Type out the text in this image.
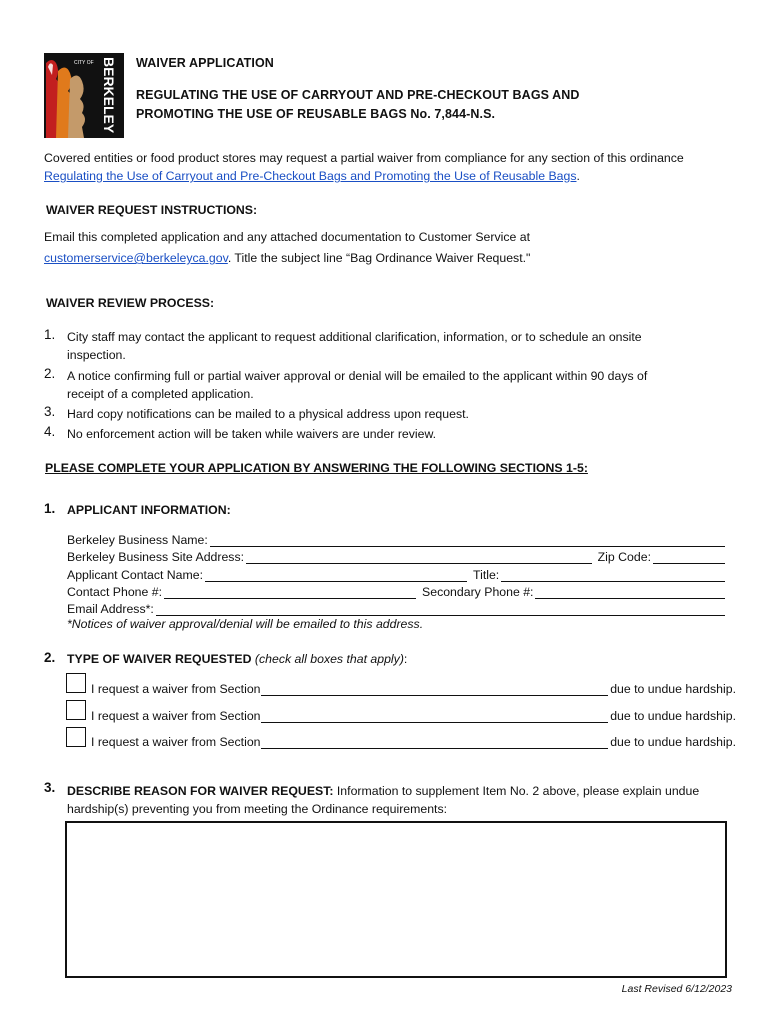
CITY OF BERKELEY WAIVER APPLICATION
REGULATING THE USE OF CARRYOUT AND PRE-CHECKOUT BAGS AND
PROMOTING THE USE OF REUSABLE BAGS No. 7,844-N.S.
Covered entities or food product stores may request a partial waiver from compliance for any section of this ordinance
Regulating the Use of Carryout and Pre-Checkout Bags and Promoting the Use of Reusable Bags.
WAIVER REQUEST INSTRUCTIONS:
Email this completed application and any attached documentation to Customer Service at
customerservice@berkeleyca.gov. Title the subject line “Bag Ordinance Waiver Request."
WAIVER REVIEW PROCESS:
1. City staff may contact the applicant to request additional clarification, information, or to schedule an onsite
inspection.
2. A notice confirming full or partial waiver approval or denial will be emailed to the applicant within 90 days of
receipt of a completed application.
3. Hard copy notifications can be mailed to a physical address upon request.
4. No enforcement action will be taken while waivers are under review.
PLEASE COMPLETE YOUR APPLICATION BY ANSWERING THE FOLLOWING SECTIONS 1-5:
1. APPLICANT INFORMATION:
Berkeley Business Name:
Berkeley Business Site Address:	Zip Code:
Applicant Contact Name:	Title:
Contact Phone #:	Secondary Phone #:
Email Address*:
*Notices of waiver approval/denial will be emailed to this address.
2. TYPE OF WAIVER REQUESTED (check all boxes that apply):
I request a waiver from Section	due to undue hardship.
I request a waiver from Section	due to undue hardship.
I request a waiver from Section	due to undue hardship.
3. DESCRIBE REASON FOR WAIVER REQUEST: Information to supplement Item No. 2 above, please explain undue
hardship(s) preventing you from meeting the Ordinance requirements:
Last Revised 6/12/2023
